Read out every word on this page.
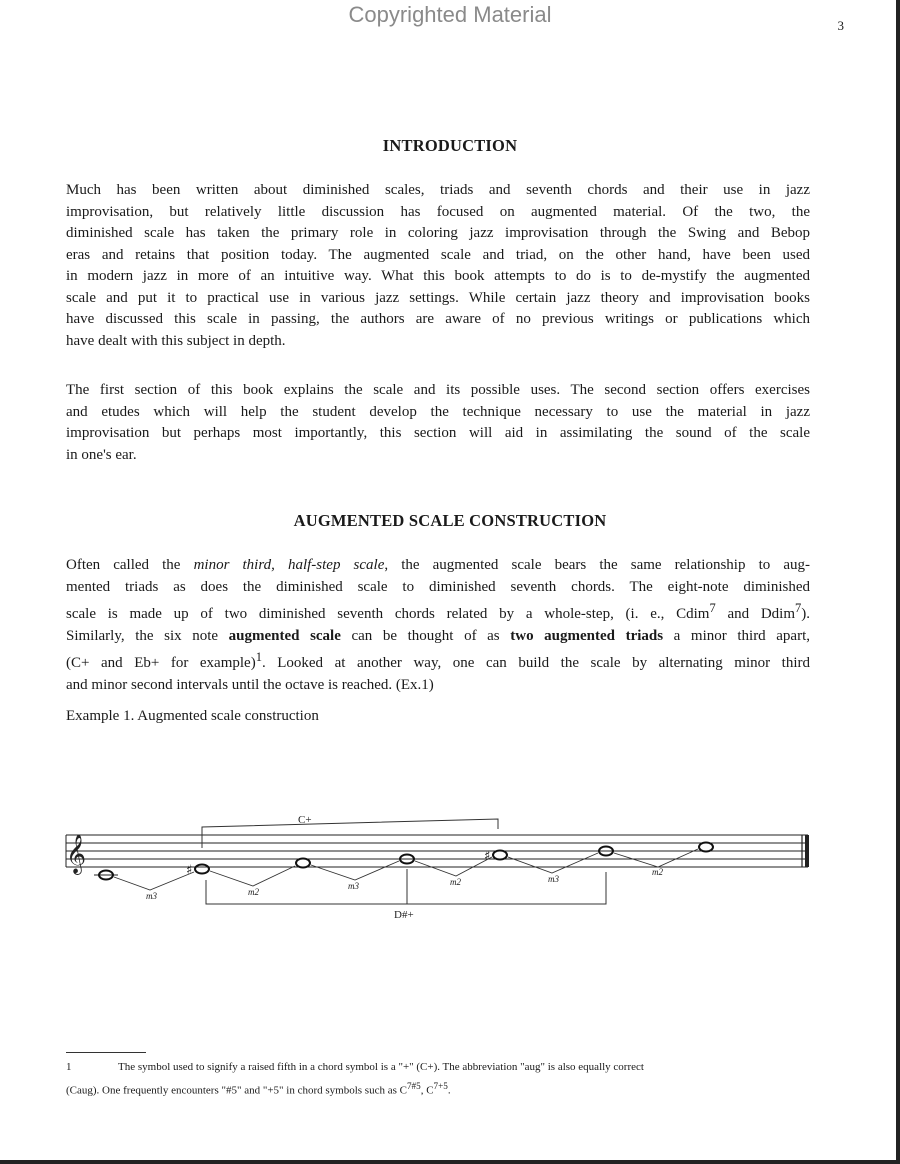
Copyrighted Material	3
INTRODUCTION

Much has been written about diminished scales, triads and seventh chords and their use in jazz
improvisation, but relatively little discussion has focused on augmented material. Of the two, the
diminished scale has taken the primary role in coloring jazz improvisation through the Swing and Bebop
eras and retains that position today. The augmented scale and triad, on the other hand, have been used
in modern jazz in more of an intuitive way. What this book attempts to do is to de-mystify the augmented
scale and put it to practical use in various jazz settings. While certain jazz theory and improvisation books
have discussed this scale in passing, the authors are aware of no previous writings or publications which
have dealt with this subject in depth.

The first section of this book explains the scale and its possible uses. The second section offers exercises
and etudes which will help the student develop the technique necessary to use the material in jazz
improvisation but perhaps most importantly, this section will aid in assimilating the sound of the scale
in one's ear.

AUGMENTED SCALE CONSTRUCTION

Often called the minor third, half-step scale, the augmented scale bears the same relationship to aug-
mented triads as does the diminished scale to diminished seventh chords. The eight-note diminished
scale is made up of two diminished seventh chords related by a whole-step, (i. e., Cdim$^7$ and Ddim$^7$).
Similarly, the six note augmented scale can be thought of as two augmented triads a minor third apart,
(C+ and Eb+ for example)$^1$. Looked at another way, one can build the scale by alternating minor third
and minor second intervals until the octave is reached. (Ex.1)

Example 1. Augmented scale construction
𝄞
C+
D#+
♯
♯
m3	m2
m3	m2	m3
m2
1	The symbol used to signify a raised fifth in a chord symbol is a "+" (C+). The abbreviation "aug" is also equally correct
(Caug). One frequently encounters "#5" and "+5" in chord symbols such as $C^{7\#5}$, $C^{7+5}$.
